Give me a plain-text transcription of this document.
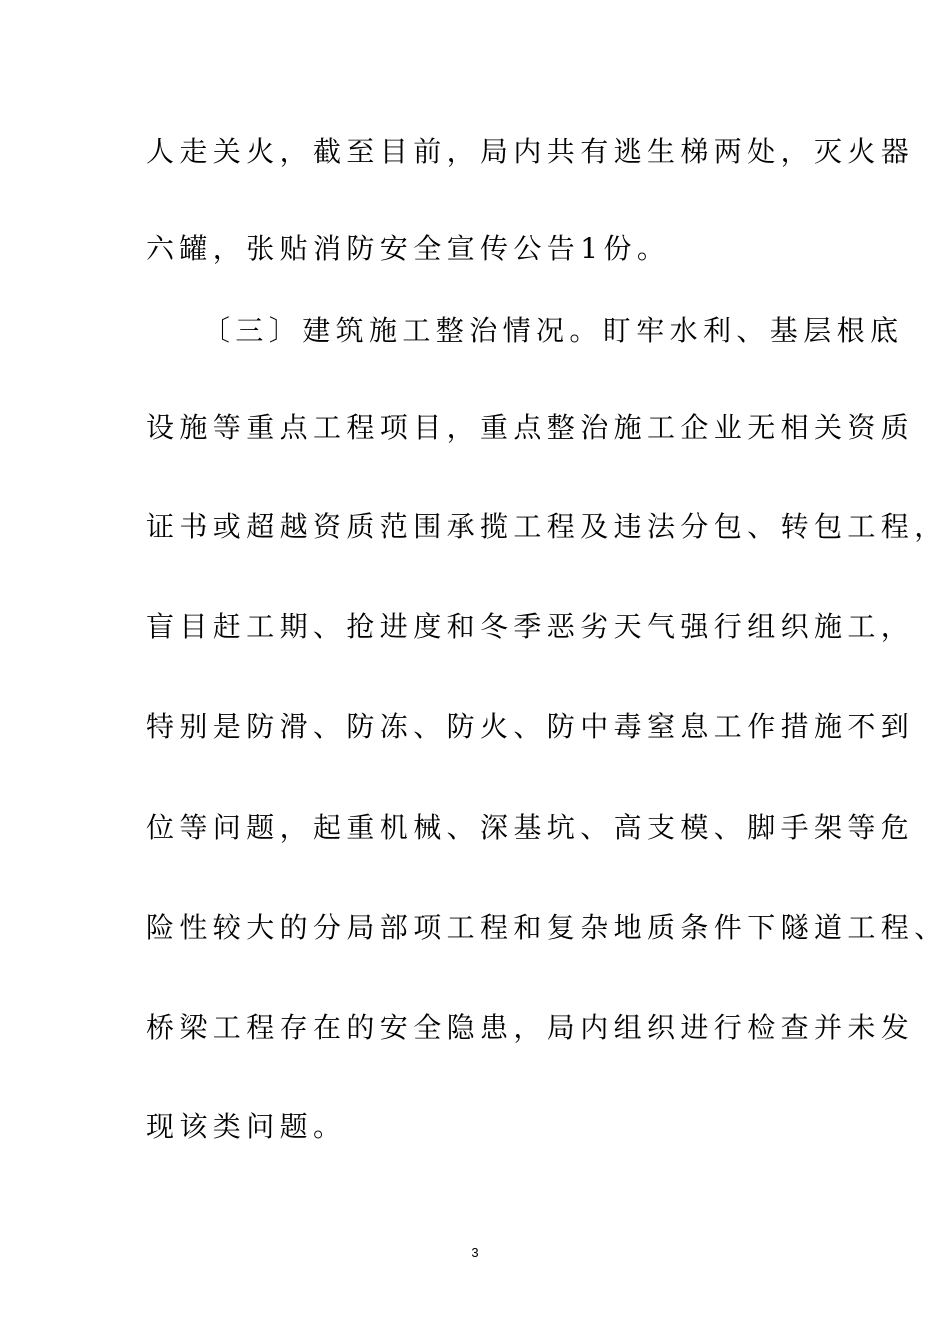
人走关火，截至目前，局内共有逃生梯两处，灭火器
六罐，张贴消防安全宣传公告1份。
〔三〕建筑施工整治情况。盯牢水利、基层根底
设施等重点工程项目，重点整治施工企业无相关资质
证书或超越资质范围承揽工程及违法分包、转包工程，
盲目赶工期、抢进度和冬季恶劣天气强行组织施工，
特别是防滑、防冻、防火、防中毒窒息工作措施不到
位等问题，起重机械、深基坑、高支模、脚手架等危
险性较大的分局部项工程和复杂地质条件下隧道工程、
桥梁工程存在的安全隐患，局内组织进行检查并未发
现该类问题。
3
